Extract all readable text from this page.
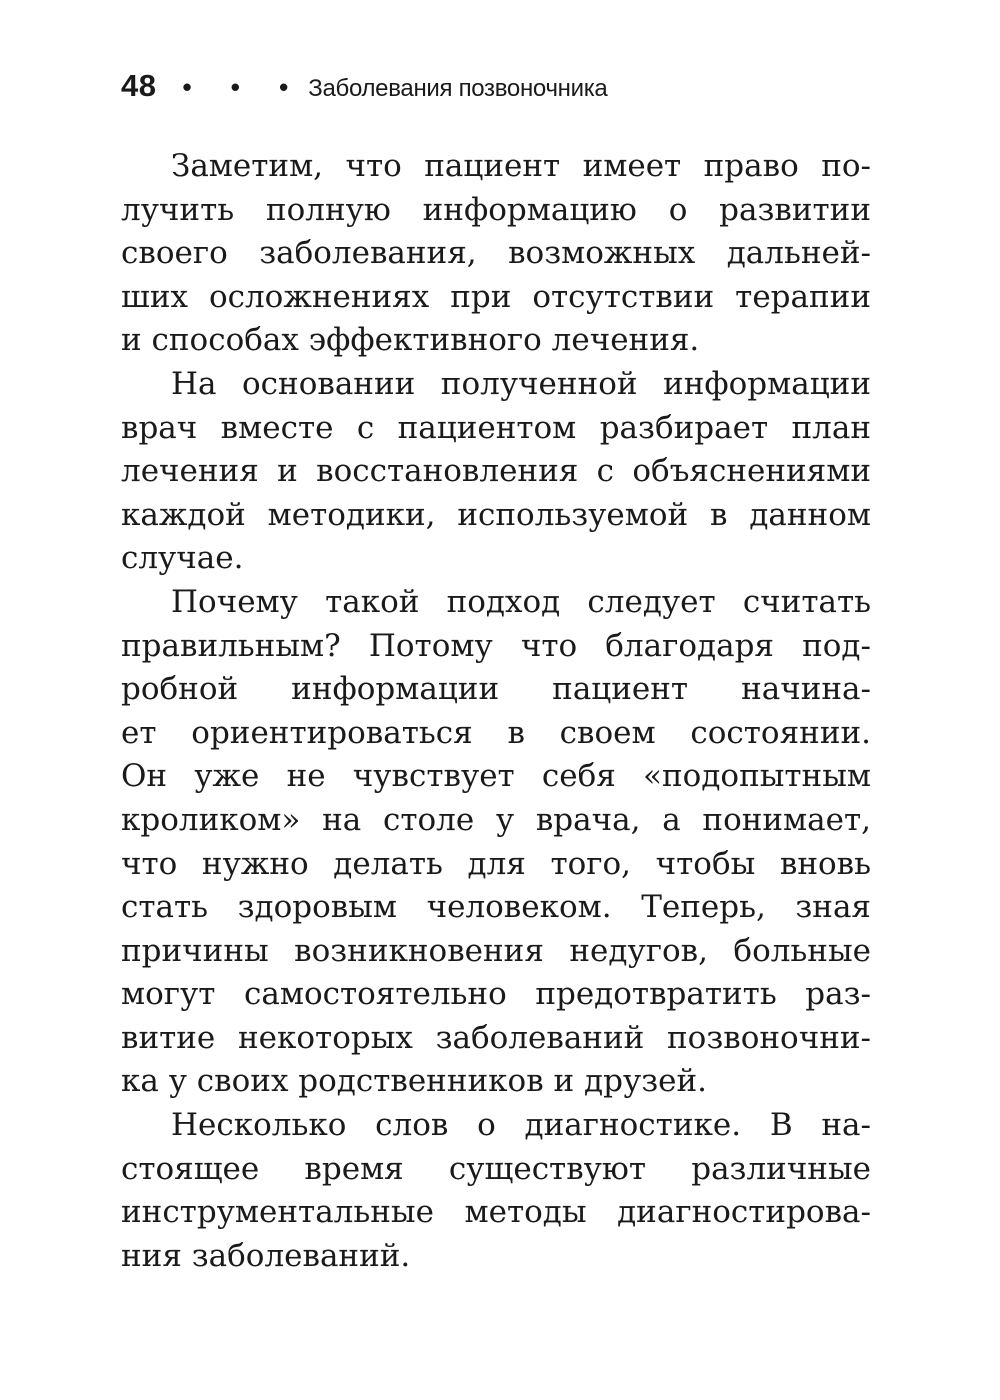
48 • • • Заболевания позвоночника

Заметим, что пациент имеет право по-
лучить полную информацию о развитии
своего заболевания, возможных дальней-
ших осложнениях при отсутствии терапии
и способах эффективного лечения.

На основании полученной информации
врач вместе с пациентом разбирает план
лечения и восстановления с объяснениями
каждой методики, используемой в данном
случае.

Почему такой подход следует считать
правильным? Потому что благодаря под-
робной информации пациент начина-
ет ориентироваться в своем состоянии.
Он уже не чувствует себя «подопытным
кроликом» на столе у врача, а понимает,
что нужно делать для того, чтобы вновь
стать здоровым человеком. Теперь, зная
причины возникновения недугов, больные
могут самостоятельно предотвратить раз-
витие некоторых заболеваний позвоночни-
ка у своих родственников и друзей.

Несколько слов о диагностике. В на-
стоящее время существуют различные
инструментальные методы диагностирова-
ния заболеваний.
